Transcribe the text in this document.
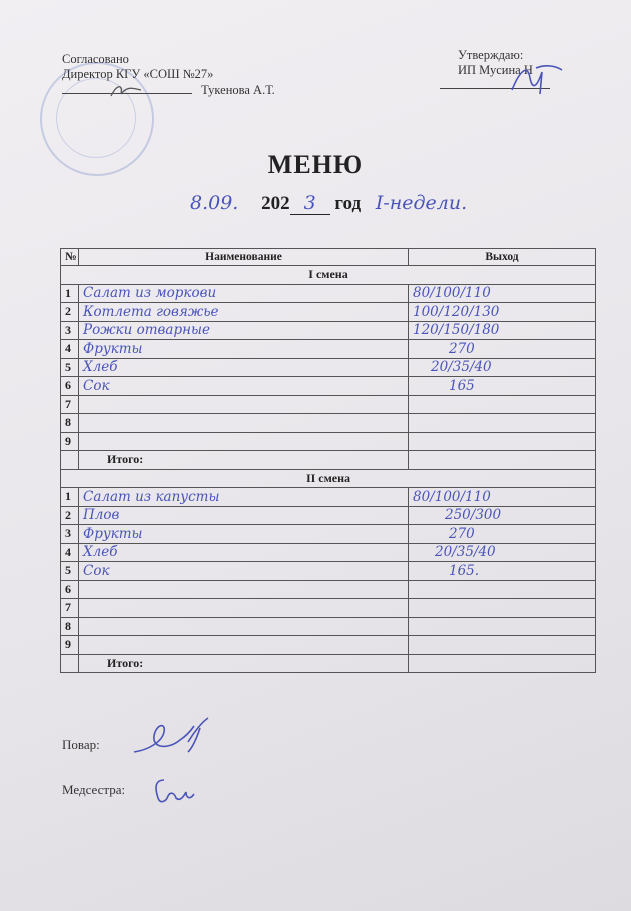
Согласовано
Директор КГУ «СОШ №27»
Тукенова А.Т.
Утверждаю:
ИП Мусина Н
МЕНЮ
8.09. 202 3 год I-недели.
№	Наименование	Выход
I смена		
1	Салат из моркови	80/100/110
2	Котлета говяжье	100/120/130
3	Рожки отварные	120/150/180
4	Фрукты	270
5	Хлеб	20/35/40
6	Сок	165
7		
8		
9		
	Итого:	
II смена		
1	Салат из капусты	80/100/110
2	Плов	250/300
3	Фрукты	270
4	Хлеб	20/35/40
5	Сок	165.
6		
7		
8		
9		
	Итого:	
Повар:
Медсестра:
